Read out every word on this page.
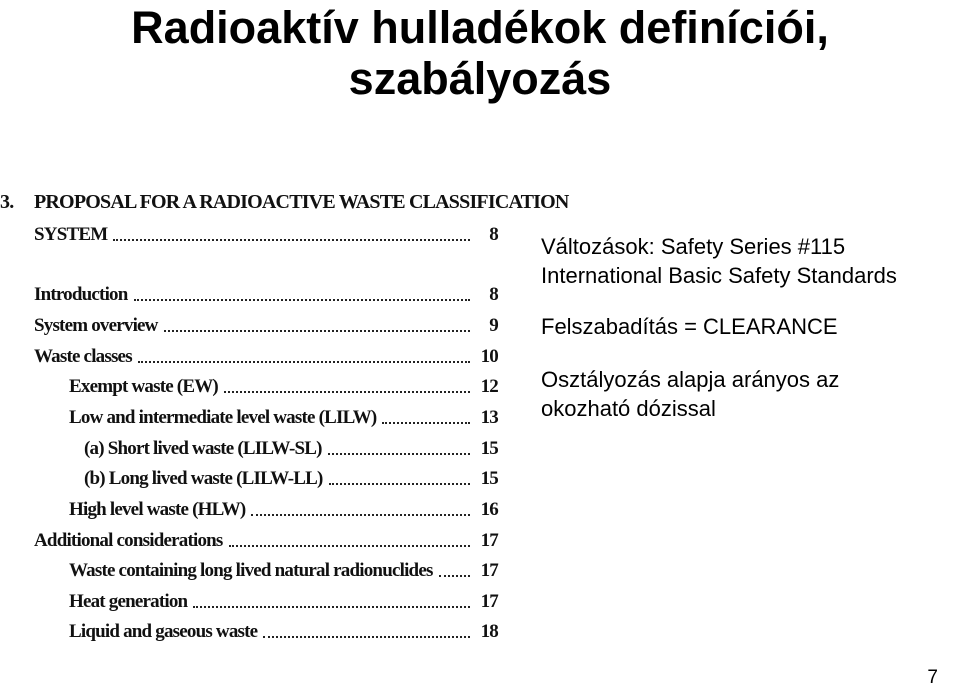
Radioaktív hulladékok definíciói,
szabályozás
3. PROPOSAL FOR A RADIOACTIVE WASTE CLASSIFICATION
SYSTEM	8
Introduction	8
System overview	9
Waste classes	10
Exempt waste (EW)	12
Low and intermediate level waste (LILW)	13
(a) Short lived waste (LILW-SL)	15
(b) Long lived waste (LILW-LL)	15
High level waste (HLW)	16
Additional considerations	17
Waste containing long lived natural radionuclides	17
Heat generation	17
Liquid and gaseous waste	18

Változások: Safety Series #115

International Basic Safety Standards

Felszabadítás = CLEARANCE

Osztályozás alapja arányos az

okozható dózissal

7
